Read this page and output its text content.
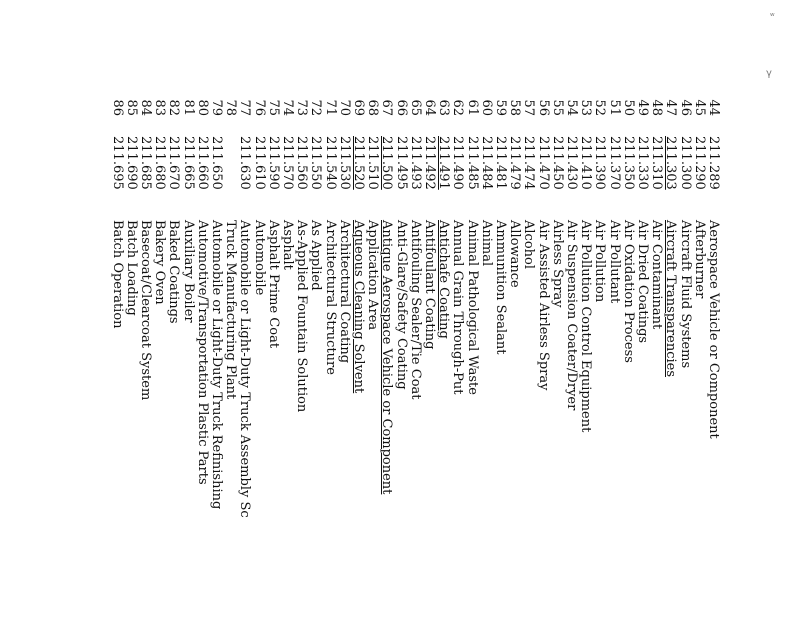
44
211.289
Aerospace Vehicle or Component
45
211.290
Afterburner
46
211.300
Aircraft Fluid Systems
47
211.303
Aircraft Transparencies
48
211.310
Air Contaminant
49
211.330
Air Dried Coatings
50
211.350
Air Oxidation Process
51
211.370
Air Pollutant
52
211.390
Air Pollution
53
211.410
Air Pollution Control Equipment
54
211.430
Air Suspension Coater/Dryer
55
211.450
Airless Spray
56
211.470
Air Assisted Airless Spray
57
211.474
Alcohol
58
211.479
Allowance
59
211.481
Ammunition Sealant
60
211.484
Animal
61
211.485
Animal Pathological Waste
62
211.490
Annual Grain Through-Put
63
211.491
Antichafe Coating
64
211.492
Antifoulant Coating
65
211.493
Antifouling Sealer/Tie Coat
66
211.495
Anti-Glare/Safety Coating
67
211.500
Antique Aerospace Vehicle or Component
68
211.510
Application Area
69
211.520
Aqueous Cleaning Solvent
70
211.530
Architectural Coating
71
211.540
Architectural Structure
72
211.550
As Applied
73
211.560
As-Applied Fountain Solution
74
211.570
Asphalt
75
211.590
Asphalt Prime Coat
76
211.610
Automobile
77
211.630
Automobile or Light-Duty Truck Assembly Sc
78
Truck Manufacturing Plant
79
211.650
Automobile or Light-Duty Truck Refinishing
80
211.660
Automotive/Transportation Plastic Parts
81
211.665
Auxiliary Boiler
82
211.670
Baked Coatings
83
211.680
Bakery Oven
84
211.685
Basecoat/Clearcoat System
85
211.690
Batch Loading
86
211.695
Batch Operation
ʷ
γ
